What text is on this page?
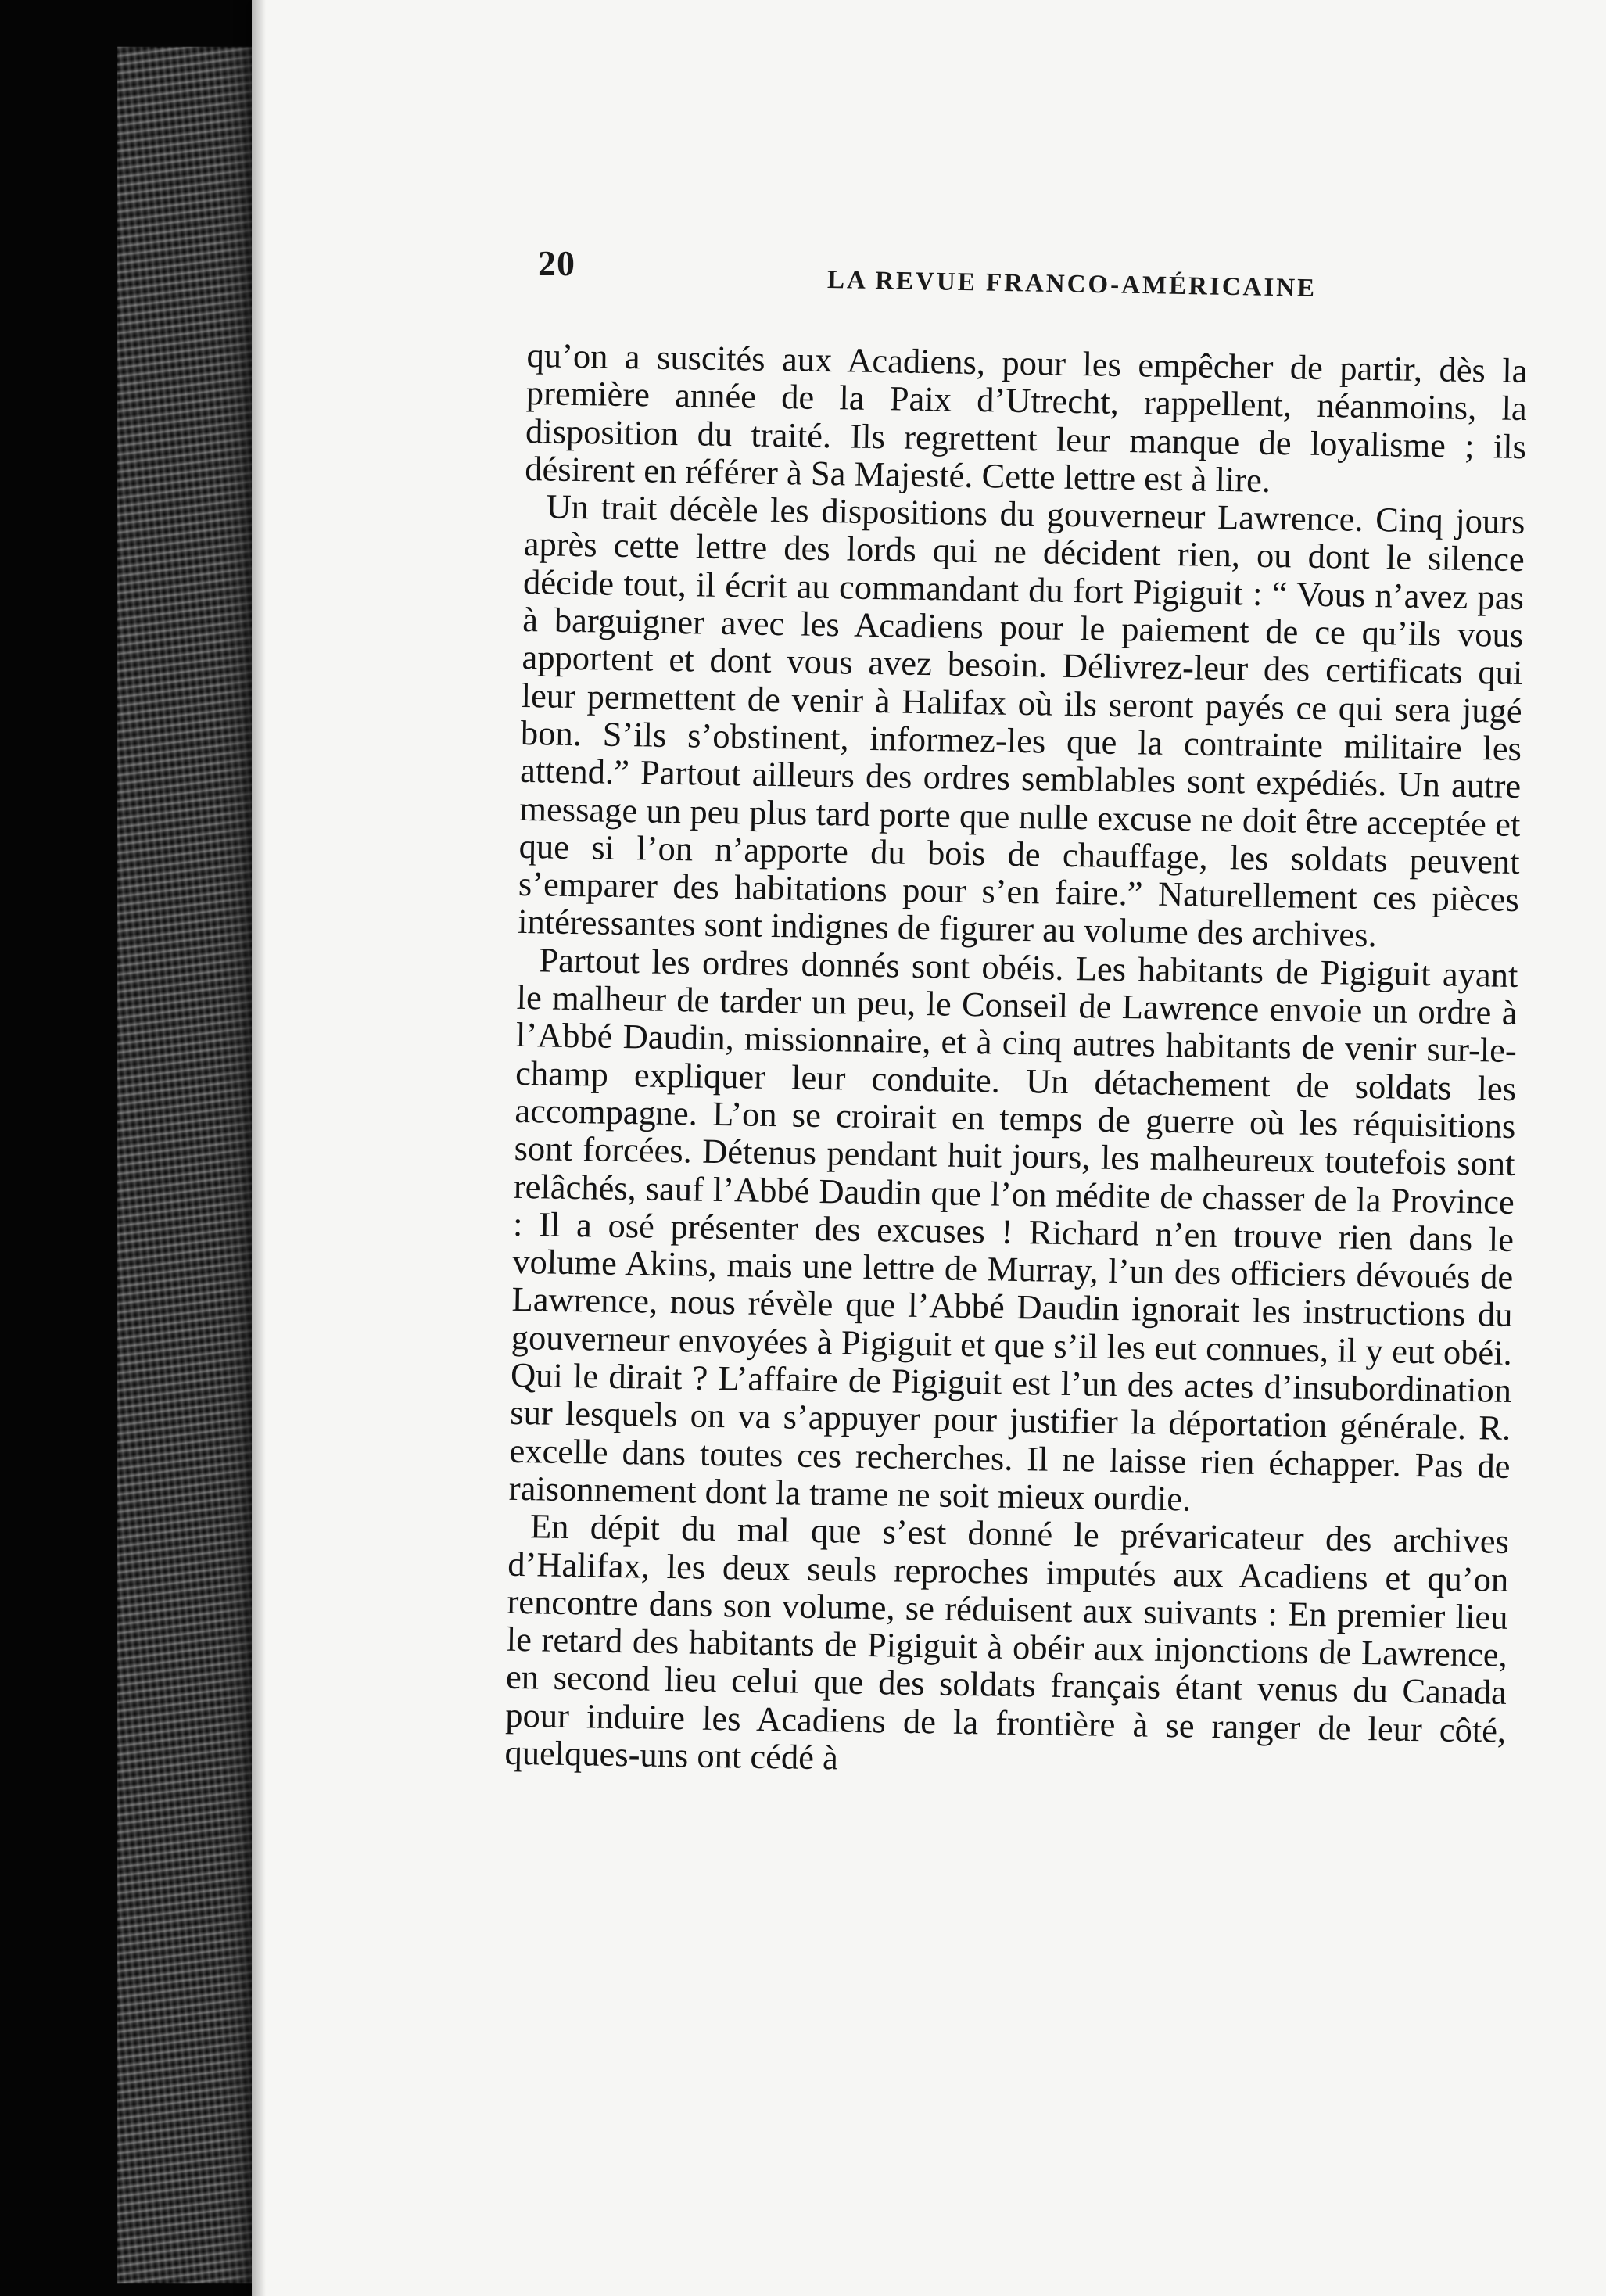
20
LA REVUE FRANCO-AMÉRICAINE

qu’on a suscités aux Acadiens, pour les empêcher de partir, dès la première année de la Paix d’Utrecht, rappellent, néanmoins, la disposition du traité. Ils regrettent leur manque de loyalisme ; ils désirent en référer à Sa Majesté. Cette lettre est à lire.

Un trait décèle les dispositions du gouverneur Lawrence. Cinq jours après cette lettre des lords qui ne décident rien, ou dont le silence décide tout, il écrit au commandant du fort Pigiguit : “ Vous n’avez pas à barguigner avec les Acadiens pour le paiement de ce qu’ils vous apportent et dont vous avez besoin. Délivrez-leur des certificats qui leur permettent de venir à Halifax où ils seront payés ce qui sera jugé bon. S’ils s’obstinent, informez-les que la contrainte militaire les attend.” Partout ailleurs des ordres semblables sont expédiés. Un autre message un peu plus tard porte que nulle excuse ne doit être acceptée et que si l’on n’apporte du bois de chauffage, les soldats peuvent s’emparer des habitations pour s’en faire.” Naturellement ces pièces intéressantes sont indignes de figurer au volume des archives.

Partout les ordres donnés sont obéis. Les habitants de Pigiguit ayant le malheur de tarder un peu, le Conseil de Lawrence envoie un ordre à l’Abbé Daudin, missionnaire, et à cinq autres habitants de venir sur-le-champ expliquer leur conduite. Un détachement de soldats les accompagne. L’on se croirait en temps de guerre où les réquisitions sont forcées. Détenus pendant huit jours, les malheureux toutefois sont relâchés, sauf l’Abbé Daudin que l’on médite de chasser de la Province : Il a osé présenter des excuses ! Richard n’en trouve rien dans le volume Akins, mais une lettre de Murray, l’un des officiers dévoués de Lawrence, nous révèle que l’Abbé Daudin ignorait les instructions du gouverneur envoyées à Pigiguit et que s’il les eut connues, il y eut obéi. Qui le dirait ? L’affaire de Pigiguit est l’un des actes d’insubordination sur lesquels on va s’appuyer pour justifier la déportation générale. R. excelle dans toutes ces recherches. Il ne laisse rien échapper. Pas de raisonnement dont la trame ne soit mieux ourdie.

En dépit du mal que s’est donné le prévaricateur des archives d’Halifax, les deux seuls reproches imputés aux Acadiens et qu’on rencontre dans son volume, se réduisent aux suivants : En premier lieu le retard des habitants de Pigiguit à obéir aux injonctions de Lawrence, en second lieu celui que des soldats français étant venus du Canada pour induire les Acadiens de la frontière à se ranger de leur côté, quelques-uns ont cédé à
